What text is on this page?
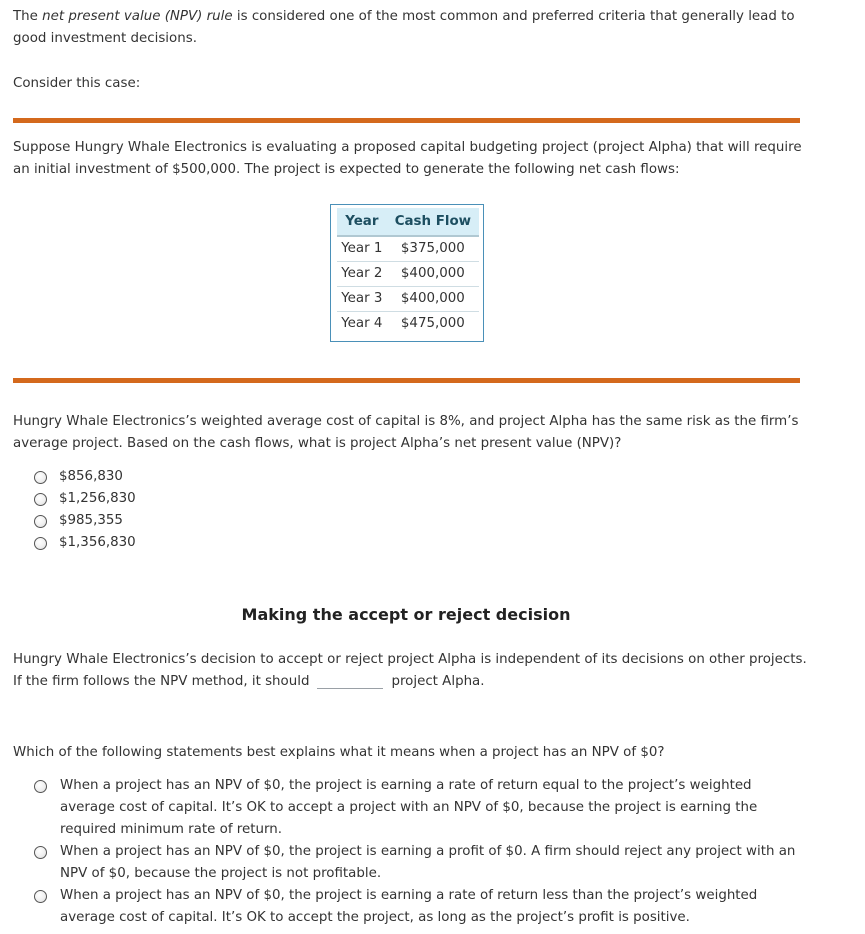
The net present value (NPV) rule is considered one of the most common and preferred criteria that generally lead to good investment decisions.

Consider this case:

Suppose Hungry Whale Electronics is evaluating a proposed capital budgeting project (project Alpha) that will require an initial investment of $500,000. The project is expected to generate the following net cash flows:

Year	Cash Flow
Year 1	$375,000
Year 2	$400,000
Year 3	$400,000
Year 4	$475,000

Hungry Whale Electronics’s weighted average cost of capital is 8%, and project Alpha has the same risk as the firm’s average project. Based on the cash flows, what is project Alpha’s net present value (NPV)?

$856,830
$1,256,830
$985,355
$1,356,830
Making the accept or reject decision

Hungry Whale Electronics’s decision to accept or reject project Alpha is independent of its decisions on other projects.
If the firm follows the NPV method, it should	project Alpha.

Which of the following statements best explains what it means when a project has an NPV of $0?

When a project has an NPV of $0, the project is earning a rate of return equal to the project’s weighted average cost of capital. It’s OK to accept a project with an NPV of $0, because the project is earning the required minimum rate of return.
When a project has an NPV of $0, the project is earning a profit of $0. A firm should reject any project with an NPV of $0, because the project is not profitable.
When a project has an NPV of $0, the project is earning a rate of return less than the project’s weighted average cost of capital. It’s OK to accept the project, as long as the project’s profit is positive.
